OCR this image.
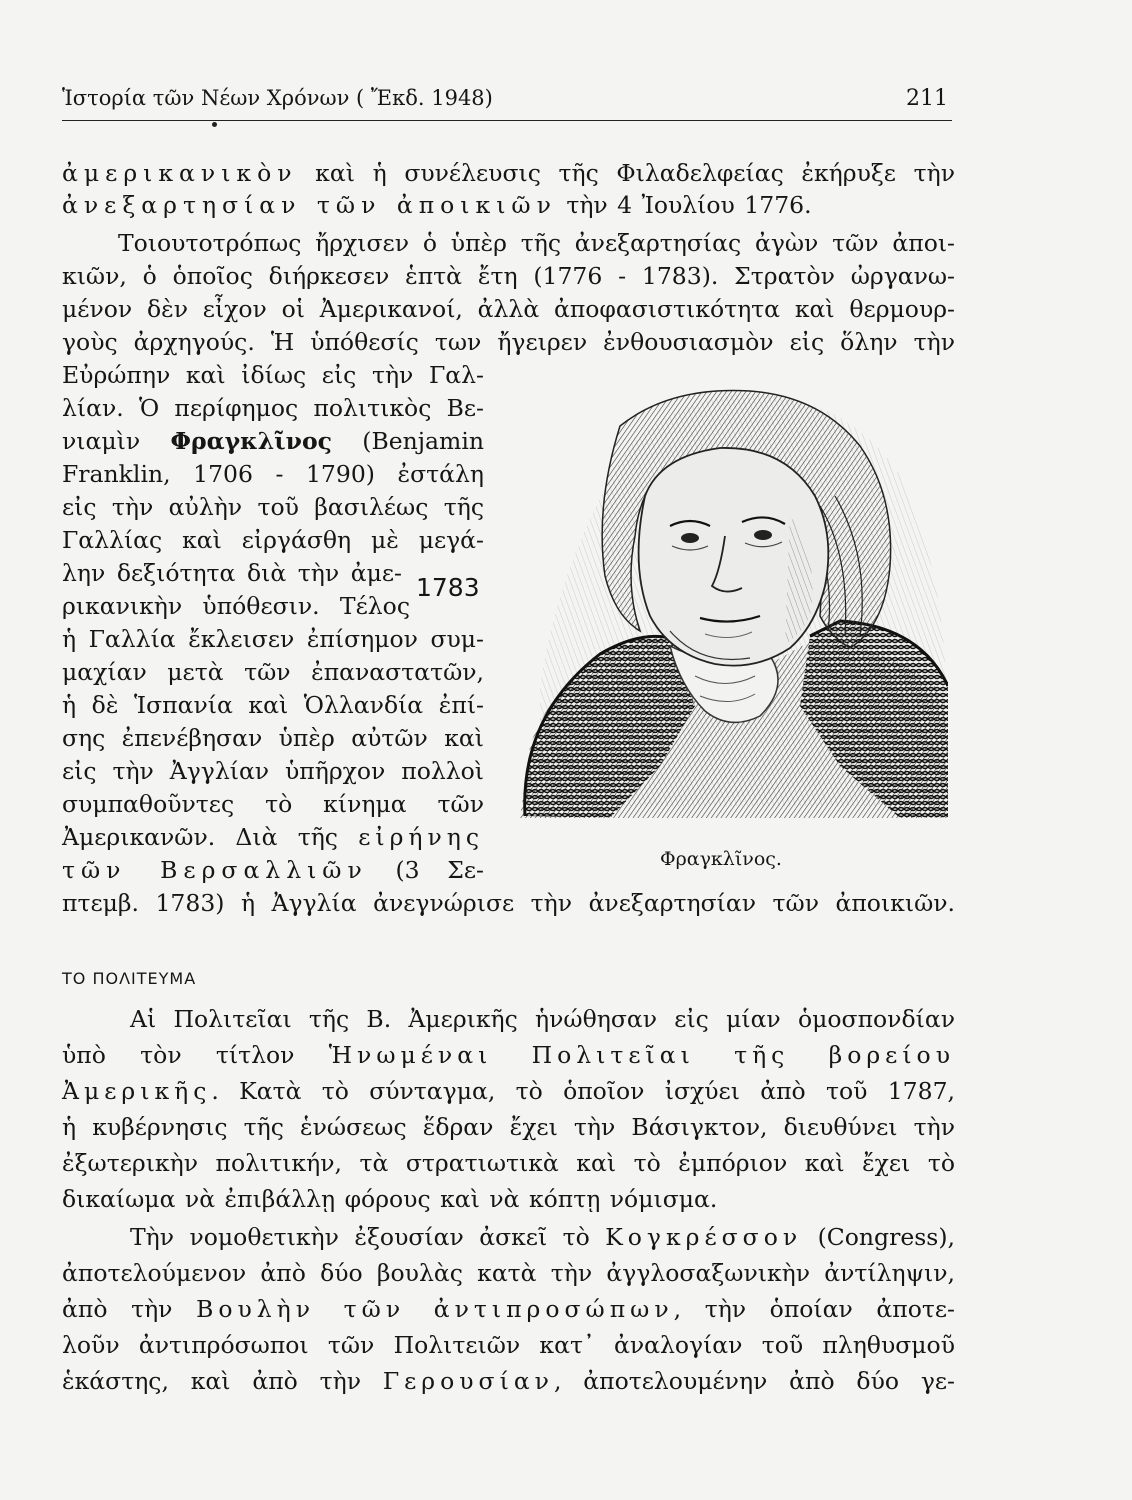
Ἱστορία τῶν Νέων Χρόνων ( Ἔκδ. 1948)	211
ἀμερικανικὸν καὶ ἡ συνέλευσις τῆς Φιλαδελφείας ἐκήρυξε τὴν
ἀνεξαρτησίαν τῶν ἀποικιῶν τὴν 4 Ἰουλίου 1776.
Τοιουτοτρόπως ἤρχισεν ὁ ὑπὲρ τῆς ἀνεξαρτησίας ἀγὼν τῶν ἀποι-
κιῶν, ὁ ὁποῖος διήρκεσεν ἑπτὰ ἔτη (1776 - 1783). Στρατὸν ὠργανω-
μένον δὲν εἶχον οἱ Ἀμερικανοί, ἀλλὰ ἀποφασιστικότητα καὶ θερμουρ-
γοὺς ἀρχηγούς. Ἡ ὑπόθεσίς των ἤγειρεν ἐνθουσιασμὸν εἰς ὅλην τὴν
Εὐρώπην καὶ ἰδίως εἰς τὴν Γαλ-
λίαν. Ὁ περίφημος πολιτικὸς Βε-
νιαμὶν Φραγκλῖνος (Benjamin
Franklin, 1706 - 1790) ἐστάλη
εἰς τὴν αὐλὴν τοῦ βασιλέως τῆς
Γαλλίας καὶ εἰργάσθη μὲ μεγά-
λην δεξιότητα διὰ τὴν ἀμε-
ρικανικὴν ὑπόθεσιν. Τέλος
ἡ Γαλλία ἔκλεισεν ἐπίσημον συμ-
μαχίαν μετὰ τῶν ἐπαναστατῶν,
ἡ δὲ Ἱσπανία καὶ Ὁλλανδία ἐπί-
σης ἐπενέβησαν ὑπὲρ αὐτῶν καὶ
εἰς τὴν Ἀγγλίαν ὑπῆρχον πολλοὶ
συμπαθοῦντες τὸ κίνημα τῶν
Ἀμερικανῶν. Διὰ τῆς εἰρήνης
τῶν Βερσαλλιῶν (3 Σε-
πτεμβ. 1783) ἡ Ἀγγλία ἀνεγνώρισε τὴν ἀνεξαρτησίαν τῶν ἀποικιῶν.
1783
Φραγκλῖνος.
ΤΟ ΠΟΛΙΤΕΥΜΑ
Αἱ Πολιτεῖαι τῆς Β. Ἀμερικῆς ἡνώθησαν εἰς μίαν ὁμοσπονδίαν
ὑπὸ τὸν τίτλον Ἡνωμέναι Πολιτεῖαι τῆς βορείου
Ἀμερικῆς. Κατὰ τὸ σύνταγμα, τὸ ὁποῖον ἰσχύει ἀπὸ τοῦ 1787,
ἡ κυβέρνησις τῆς ἑνώσεως ἕδραν ἔχει τὴν Βάσιγκτον, διευθύνει τὴν
ἐξωτερικὴν πολιτικήν, τὰ στρατιωτικὰ καὶ τὸ ἐμπόριον καὶ ἔχει τὸ
δικαίωμα νὰ ἐπιβάλλῃ φόρους καὶ νὰ κόπτῃ νόμισμα.
Τὴν νομοθετικὴν ἐξουσίαν ἀσκεῖ τὸ Κογκρέσσον (Congress),
ἀποτελούμενον ἀπὸ δύο βουλὰς κατὰ τὴν ἀγγλοσαξωνικὴν ἀντίληψιν,
ἀπὸ τὴν Βουλὴν τῶν ἀντιπροσώπων, τὴν ὁποίαν ἀποτε-
λοῦν ἀντιπρόσωποι τῶν Πολιτειῶν κατ᾽ ἀναλογίαν τοῦ πληθυσμοῦ
ἑκάστης, καὶ ἀπὸ τὴν Γερουσίαν, ἀποτελουμένην ἀπὸ δύο γε-
